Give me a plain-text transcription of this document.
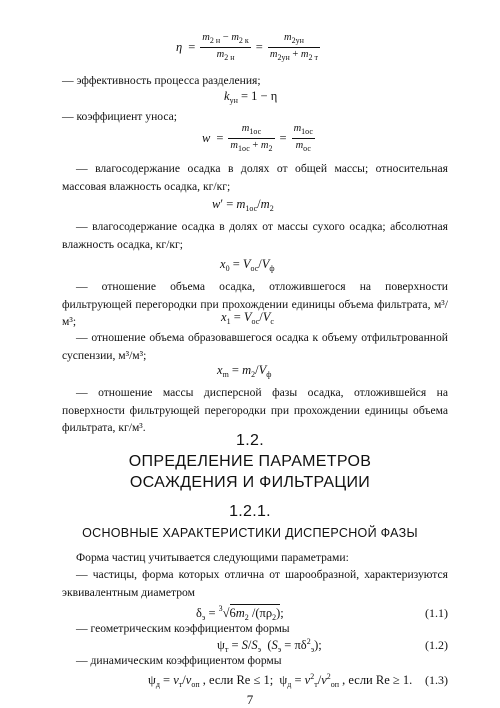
$\eta = \frac{m_{2 н} - m_{2 к}}{m_{2 н}} = \frac{m_{2ун}}{m_{2ун} + m_{2 т}}$
— эффективность процесса разделения;
$k_{ун} = 1 - \eta$
— коэффициент уноса;
$w = \frac{m_{1ос}}{m_{1ос} + m_2} = \frac{m_{1ос}}{m_{ос}}$
— влагосодержание осадка в долях от общей массы; относительная массовая влажность осадка, кг/кг;
$w' = m_{1ос}/m_2$
— влагосодержание осадка в долях от массы сухого осадка; абсолютная влажность осадка, кг/кг;
$x_0 = V_{ос}/V_ф$
— отношение объема осадка, отложившегося на поверхности фильтрующей перегородки при прохождении единицы объема фильтрата, м³/м³;	$x_1 = V_{ос}/V_с$
— отношение объема образовавшегося осадка к объему отфильтрованной суспензии, м³/м³;
$x_m = m_2/V_ф$
— отношение массы дисперсной фазы осадка, отложившейся на поверхности фильтрующей перегородки при прохождении единицы объема фильтрата, кг/м³.
1.2.
ОПРЕДЕЛЕНИЕ ПАРАМЕТРОВ
ОСАЖДЕНИЯ И ФИЛЬТРАЦИИ
1.2.1.
ОСНОВНЫЕ ХАРАКТЕРИСТИКИ ДИСПЕРСНОЙ ФАЗЫ
Форма частиц учитывается следующими параметрами:
— частицы, форма которых отлична от шарообразной, характеризуются эквивалентным диаметром
$\delta_э = ^3√6m_2$ $/(\pi\rho_2)$;	(1.1)
— геометрическим коэффициентом формы
$\psi_т = S/S_э$  $(S_э = \pi\delta^2_э)$;	(1.2)
— динамическим коэффициентом формы
$\psi_д = v_т/v_{оп}$ , если Re ≤ 1;  $\psi_д = v^2_т/v^2_{оп}$ , если Re ≥ 1. (1.3)
7
